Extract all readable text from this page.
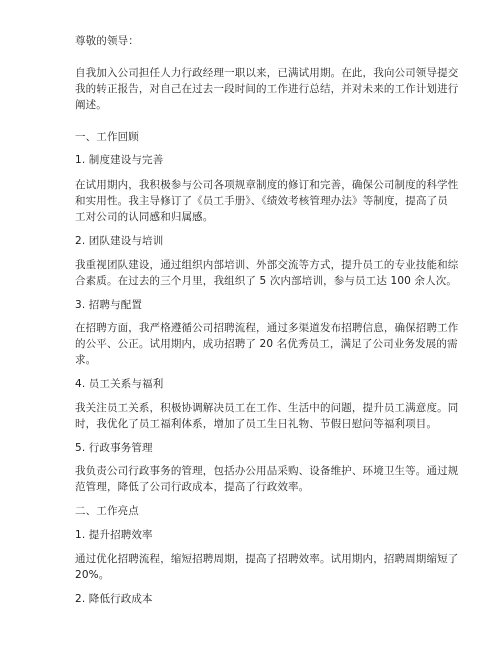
尊敬的领导：
自我加入公司担任人力行政经理一职以来，已满试用期。在此，我向公司领导提交
我的转正报告，对自己在过去一段时间的工作进行总结，并对未来的工作计划进行
阐述。
一、工作回顾
1. 制度建设与完善
在试用期内，我积极参与公司各项规章制度的修订和完善，确保公司制度的科学性
和实用性。我主导修订了《员工手册》、《绩效考核管理办法》等制度，提高了员
工对公司的认同感和归属感。
2. 团队建设与培训
我重视团队建设，通过组织内部培训、外部交流等方式，提升员工的专业技能和综
合素质。在过去的三个月里，我组织了 5 次内部培训，参与员工达 100 余人次。
3. 招聘与配置
在招聘方面，我严格遵循公司招聘流程，通过多渠道发布招聘信息，确保招聘工作
的公平、公正。试用期内，成功招聘了 20 名优秀员工，满足了公司业务发展的需
求。
4. 员工关系与福利
我关注员工关系，积极协调解决员工在工作、生活中的问题，提升员工满意度。同
时，我优化了员工福利体系，增加了员工生日礼物、节假日慰问等福利项目。
5. 行政事务管理
我负责公司行政事务的管理，包括办公用品采购、设备维护、环境卫生等。通过规
范管理，降低了公司行政成本，提高了行政效率。
二、工作亮点
1. 提升招聘效率
通过优化招聘流程，缩短招聘周期，提高了招聘效率。试用期内，招聘周期缩短了
20%。
2. 降低行政成本
